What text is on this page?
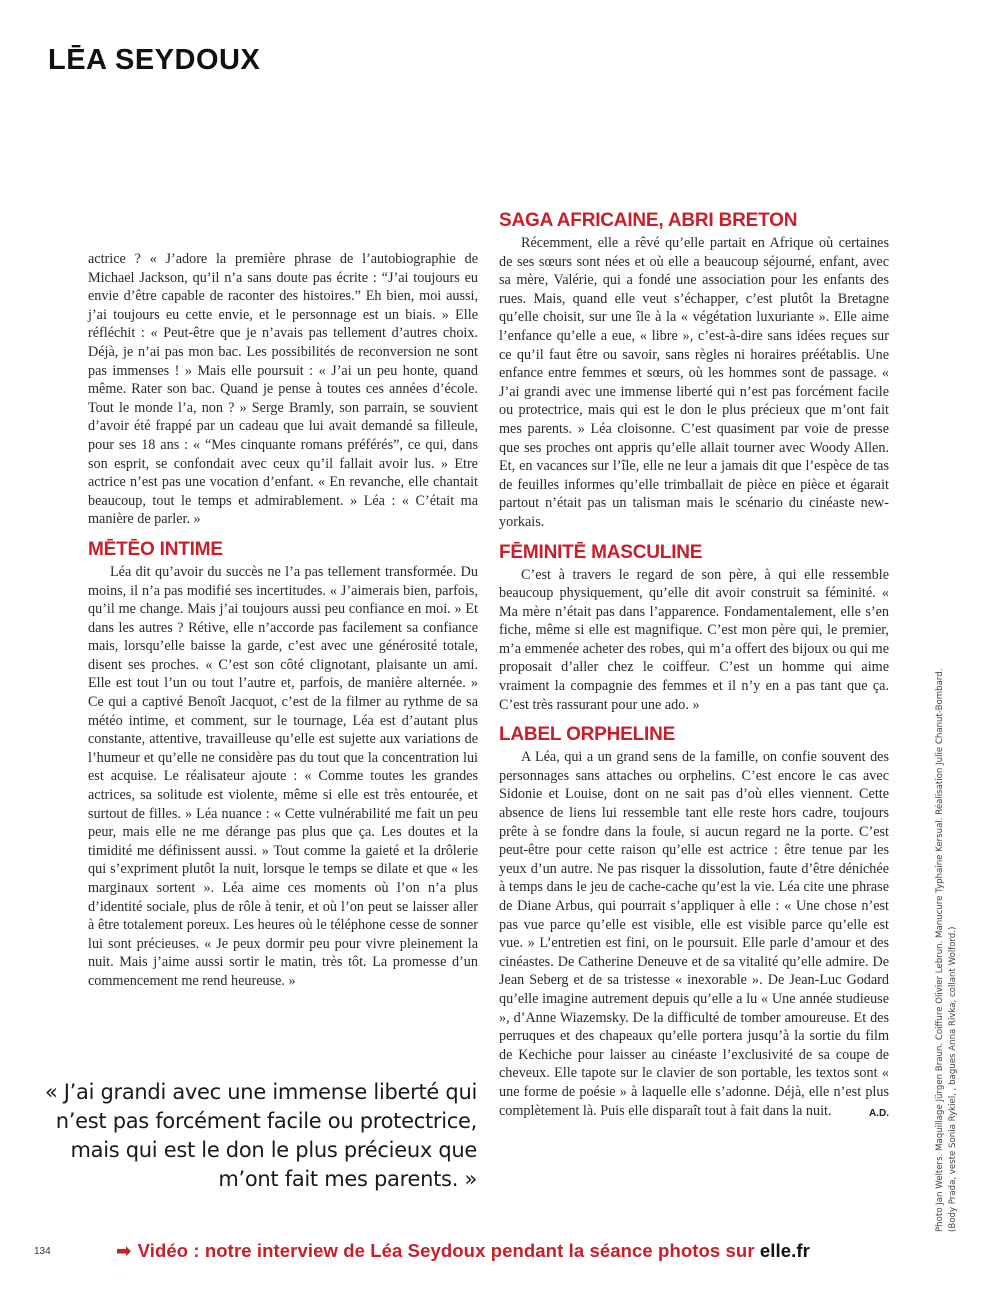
LĒA SEYDOUX

actrice ? « J’adore la première phrase de l’autobiographie de Michael Jackson, qu’il n’a sans doute pas écrite : “J’ai toujours eu envie d’être capable de raconter des histoires.” Eh bien, moi aussi, j’ai toujours eu cette envie, et le personnage est un biais. » Elle réfléchit : « Peut-être que je n’avais pas tellement d’autres choix. Déjà, je n’ai pas mon bac. Les possibilités de reconversion ne sont pas immenses ! » Mais elle poursuit : « J’ai un peu honte, quand même. Rater son bac. Quand je pense à toutes ces années d’école. Tout le monde l’a, non ? » Serge Bramly, son parrain, se souvient d’avoir été frappé par un cadeau que lui avait demandé sa filleule, pour ses 18 ans : « “Mes cinquante romans préférés”, ce qui, dans son esprit, se confondait avec ceux qu’il fallait avoir lus. » Etre actrice n’est pas une vocation d’enfant. « En revanche, elle chantait beaucoup, tout le temps et admirablement. » Léa : « C’était ma manière de parler. »

MĒTĒO INTIME

Léa dit qu’avoir du succès ne l’a pas tellement transformée. Du moins, il n’a pas modifié ses incertitudes. « J’aimerais bien, parfois, qu’il me change. Mais j’ai toujours aussi peu confiance en moi. » Et dans les autres ? Rétive, elle n’accorde pas facilement sa confiance mais, lorsqu’elle baisse la garde, c’est avec une générosité totale, disent ses proches. « C’est son côté clignotant, plaisante un ami. Elle est tout l’un ou tout l’autre et, parfois, de manière alternée. » Ce qui a captivé Benoît Jacquot, c’est de la filmer au rythme de sa météo intime, et comment, sur le tournage, Léa est d’autant plus constante, attentive, travailleuse qu’elle est sujette aux variations de l’humeur et qu’elle ne considère pas du tout que la concentration lui est acquise. Le réalisateur ajoute : « Comme toutes les grandes actrices, sa solitude est violente, même si elle est très entourée, et surtout de filles. » Léa nuance : « Cette vulnérabilité me fait un peu peur, mais elle ne me dérange pas plus que ça. Les doutes et la timidité me définissent aussi. » Tout comme la gaieté et la drôlerie qui s’expriment plutôt la nuit, lorsque le temps se dilate et que « les marginaux sortent ». Léa aime ces moments où l’on n’a plus d’identité sociale, plus de rôle à tenir, et où l’on peut se laisser aller à être totalement poreux. Les heures où le téléphone cesse de sonner lui sont précieuses. « Je peux dormir peu pour vivre pleinement la nuit. Mais j’aime aussi sortir le matin, très tôt. La promesse d’un commencement me rend heureuse. »

« J’ai grandi avec une immense liberté qui n’est pas forcément facile ou protectrice, mais qui est le don le plus précieux que m’ont fait mes parents. »
SAGA AFRICAINE, ABRI BRETON

Récemment, elle a rêvé qu’elle partait en Afrique où certaines de ses sœurs sont nées et où elle a beaucoup séjourné, enfant, avec sa mère, Valérie, qui a fondé une association pour les enfants des rues. Mais, quand elle veut s’échapper, c’est plutôt la Bretagne qu’elle choisit, sur une île à la « végétation luxuriante ». Elle aime l’enfance qu’elle a eue, « libre », c’est-à-dire sans idées reçues sur ce qu’il faut être ou savoir, sans règles ni horaires préétablis. Une enfance entre femmes et sœurs, où les hommes sont de passage. « J’ai grandi avec une immense liberté qui n’est pas forcément facile ou protectrice, mais qui est le don le plus précieux que m’ont fait mes parents. » Léa cloisonne. C’est quasiment par voie de presse que ses proches ont appris qu’elle allait tourner avec Woody Allen. Et, en vacances sur l’île, elle ne leur a jamais dit que l’espèce de tas de feuilles informes qu’elle trimballait de pièce en pièce et égarait partout n’était pas un talisman mais le scénario du cinéaste new-yorkais.

FĒMINITĒ MASCULINE

C’est à travers le regard de son père, à qui elle ressemble beaucoup physiquement, qu’elle dit avoir construit sa féminité. « Ma mère n’était pas dans l’apparence. Fondamentalement, elle s’en fiche, même si elle est magnifique. C’est mon père qui, le premier, m’a emmenée acheter des robes, qui m’a offert des bijoux ou qui me proposait d’aller chez le coiffeur. C’est un homme qui aime vraiment la compagnie des femmes et il n’y en a pas tant que ça. C’est très rassurant pour une ado. »

LABEL ORPHELINE

A Léa, qui a un grand sens de la famille, on confie souvent des personnages sans attaches ou orphelins. C’est encore le cas avec Sidonie et Louise, dont on ne sait pas d’où elles viennent. Cette absence de liens lui ressemble tant elle reste hors cadre, toujours prête à se fondre dans la foule, si aucun regard ne la porte. C’est peut-être pour cette raison qu’elle est actrice : être tenue par les yeux d’un autre. Ne pas risquer la dissolution, faute d’être dénichée à temps dans le jeu de cache-cache qu’est la vie. Léa cite une phrase de Diane Arbus, qui pourrait s’appliquer à elle : « Une chose n’est pas vue parce qu’elle est visible, elle est visible parce qu’elle est vue. » L’entretien est fini, on le poursuit. Elle parle d’amour et des cinéastes. De Catherine Deneuve et de sa vitalité qu’elle admire. De Jean Seberg et de sa tristesse « inexorable ». De Jean-Luc Godard qu’elle imagine autrement depuis qu’elle a lu « Une année studieuse », d’Anne Wiazemsky. De la difficulté de tomber amoureuse. Et des perruques et des chapeaux qu’elle portera jusqu’à la sortie du film de Kechiche pour laisser au cinéaste l’exclusivité de sa coupe de cheveux. Elle tapote sur le clavier de son portable, les textos sont « une forme de poésie » à laquelle elle s’adonne. Déjà, elle n’est plus complètement là. Puis elle disparaît tout à fait dans la nuit.	A.D.

134	➡ Vidéo : notre interview de Léa Seydoux pendant la séance photos sur elle.fr
Photo Jan Welters. Maquillage Jürgen Braun. Coiffure Olivier Lebrun. Manucure Typhaine Kersual. Réalisation Julie Chanut-Bombard. (Body Prada, veste Sonia Rykiel, , bagues Anna Rivka, collant Wolford.)
